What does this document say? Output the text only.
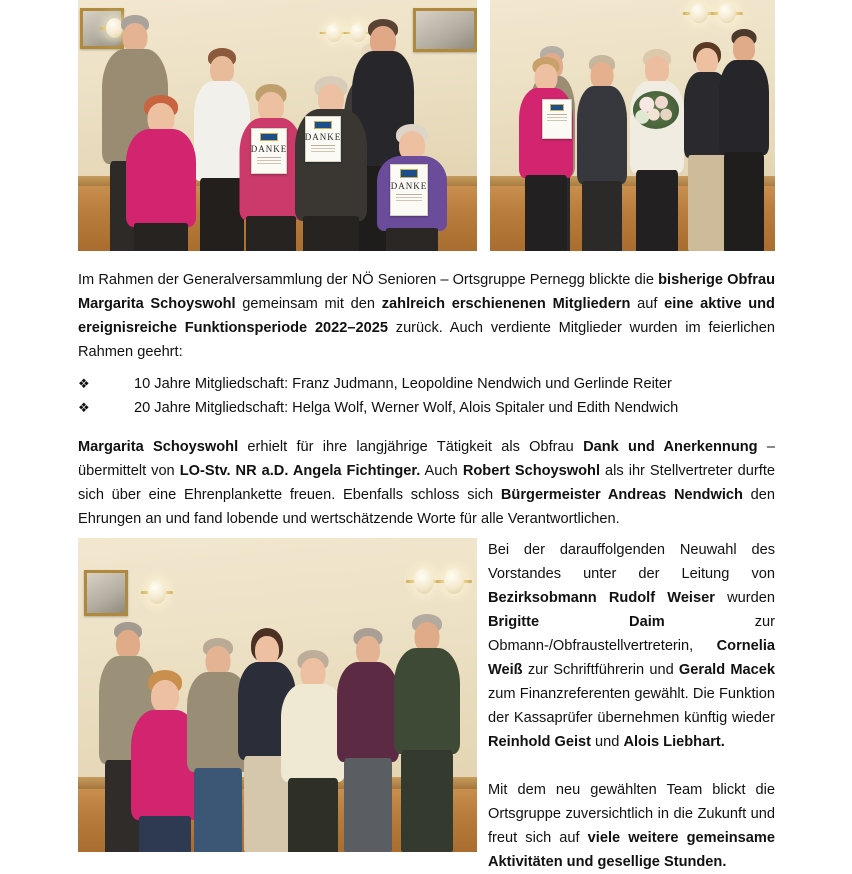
DANKE
DANKE
DANKE

Im Rahmen der Generalversammlung der NÖ Senioren – Ortsgruppe Pernegg blickte die bisherige Obfrau Margarita Schoyswohl gemeinsam mit den zahlreich erschienenen Mitgliedern auf eine aktive und ereignisreiche Funktionsperiode 2022–2025 zurück. Auch verdiente Mitglieder wurden im feierlichen Rahmen geehrt:

❖	10 Jahre Mitgliedschaft: Franz Judmann, Leopoldine Nendwich und Gerlinde Reiter
❖	20 Jahre Mitgliedschaft: Helga Wolf, Werner Wolf, Alois Spitaler und Edith Nendwich

Margarita Schoyswohl erhielt für ihre langjährige Tätigkeit als Obfrau Dank und Anerkennung – übermittelt von LO-Stv. NR a.D. Angela Fichtinger. Auch Robert Schoyswohl als ihr Stellvertreter durfte sich über eine Ehrenplankette freuen. Ebenfalls schloss sich Bürgermeister Andreas Nendwich den Ehrungen an und fand lobende und wertschätzende Worte für alle Verantwortlichen.

Bei der darauffolgenden Neuwahl des Vorstandes unter der Leitung von Bezirksobmann Rudolf Weiser wurden Brigitte Daim zur Obmann-/Obfraustellvertreterin, Cornelia Weiß zur Schriftführerin und Gerald Macek zum Finanzreferenten gewählt. Die Funktion der Kassaprüfer übernehmen künftig wieder Reinhold Geist und Alois Liebhart.

Mit dem neu gewählten Team blickt die Ortsgruppe zuversichtlich in die Zukunft und freut sich auf viele weitere gemeinsame Aktivitäten und gesellige Stunden.
